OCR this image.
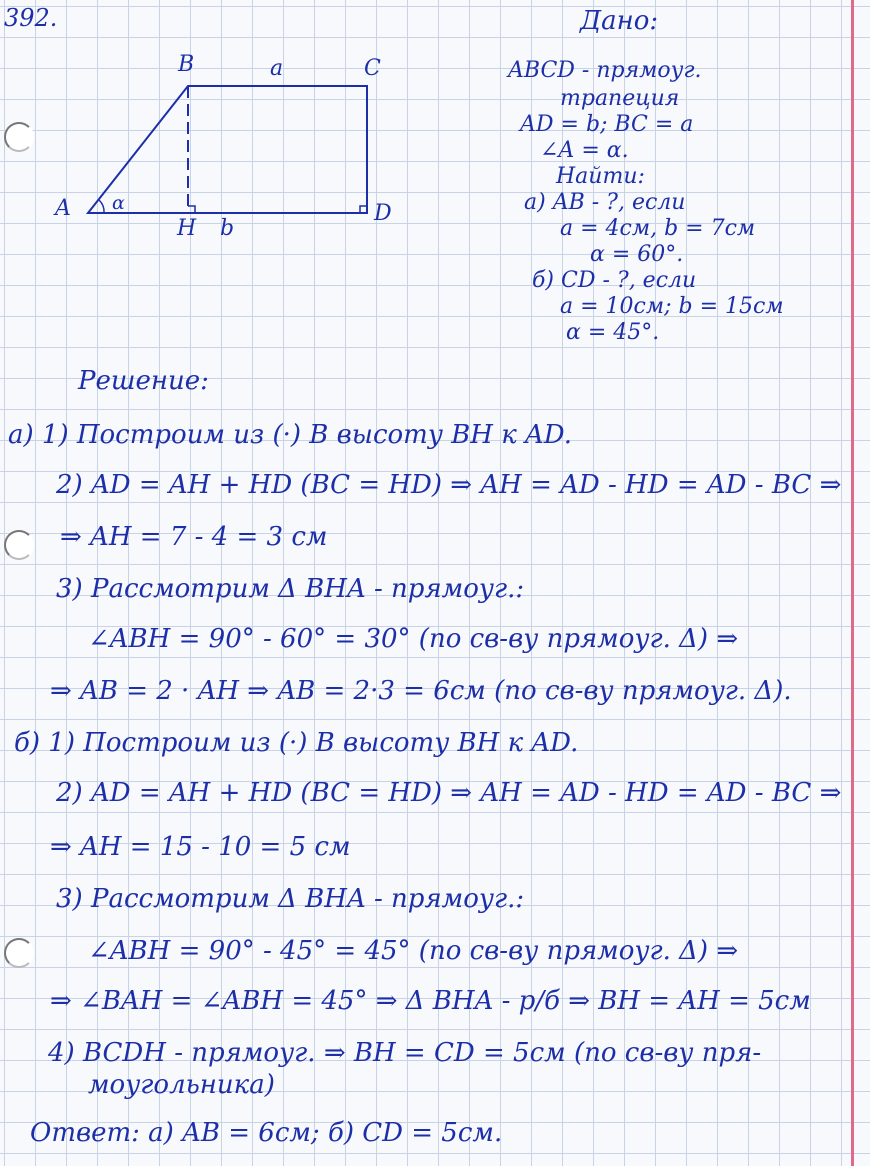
392.
B	a	C
A α	D
H b
Дано:
ABCD - прямоуг.
трапеция
AD = b; BC = a
∠A = α.
Найти:
а) AB - ?, если
a = 4см, b = 7см
α = 60°.
б) CD - ?, если
a = 10см; b = 15см
α = 45°.
Решение:
а) 1) Построим из (·) B высоту BH к AD.
2) AD = AH + HD (BC = HD) ⇒ AH = AD - HD = AD - BC ⇒
⇒ AH = 7 - 4 = 3 см
3) Рассмотрим Δ BHA - прямоуг.:
∠ABH = 90° - 60° = 30° (по св-ву прямоуг. Δ) ⇒
⇒ AB = 2 · AH ⇒ AB = 2·3 = 6см (по св-ву прямоуг. Δ).
б) 1) Построим из (·) B высоту BH к AD.
2) AD = AH + HD (BC = HD) ⇒ AH = AD - HD = AD - BC ⇒
⇒ AH = 15 - 10 = 5 см
3) Рассмотрим Δ BHA - прямоуг.:
∠ABH = 90° - 45° = 45° (по св-ву прямоуг. Δ) ⇒
⇒ ∠BAH = ∠ABH = 45° ⇒ Δ BHA - р/б ⇒ BH = AH = 5см
4) BCDH - прямоуг. ⇒ BH = CD = 5см (по св-ву пря-
моугольника)
Ответ: а) AB = 6см; б) CD = 5см.
